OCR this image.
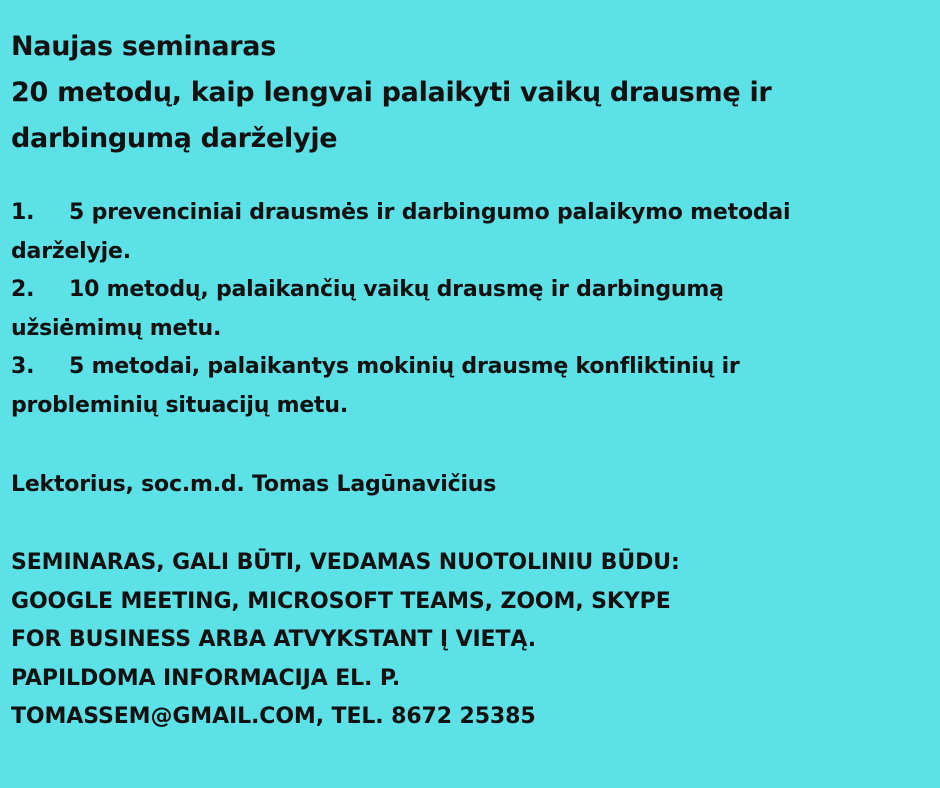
Naujas seminaras
20 metodų, kaip lengvai palaikyti vaikų drausmę ir
darbingumą darželyje
1. 5 prevenciniai drausmės ir darbingumo palaikymo metodai
darželyje.
2. 10 metodų, palaikančių vaikų drausmę ir darbingumą
užsiėmimų metu.
3. 5 metodai, palaikantys mokinių drausmę konfliktinių ir
probleminių situacijų metu.
Lektorius, soc.m.d. Tomas Lagūnavičius
SEMINARAS, GALI BŪTI, VEDAMAS NUOTOLINIU BŪDU:
GOOGLE MEETING, MICROSOFT TEAMS, ZOOM, SKYPE
FOR BUSINESS ARBA ATVYKSTANT Į VIETĄ.
PAPILDOMA INFORMACIJA EL. P.
TOMASSEM@GMAIL.COM, TEL. 8672 25385
